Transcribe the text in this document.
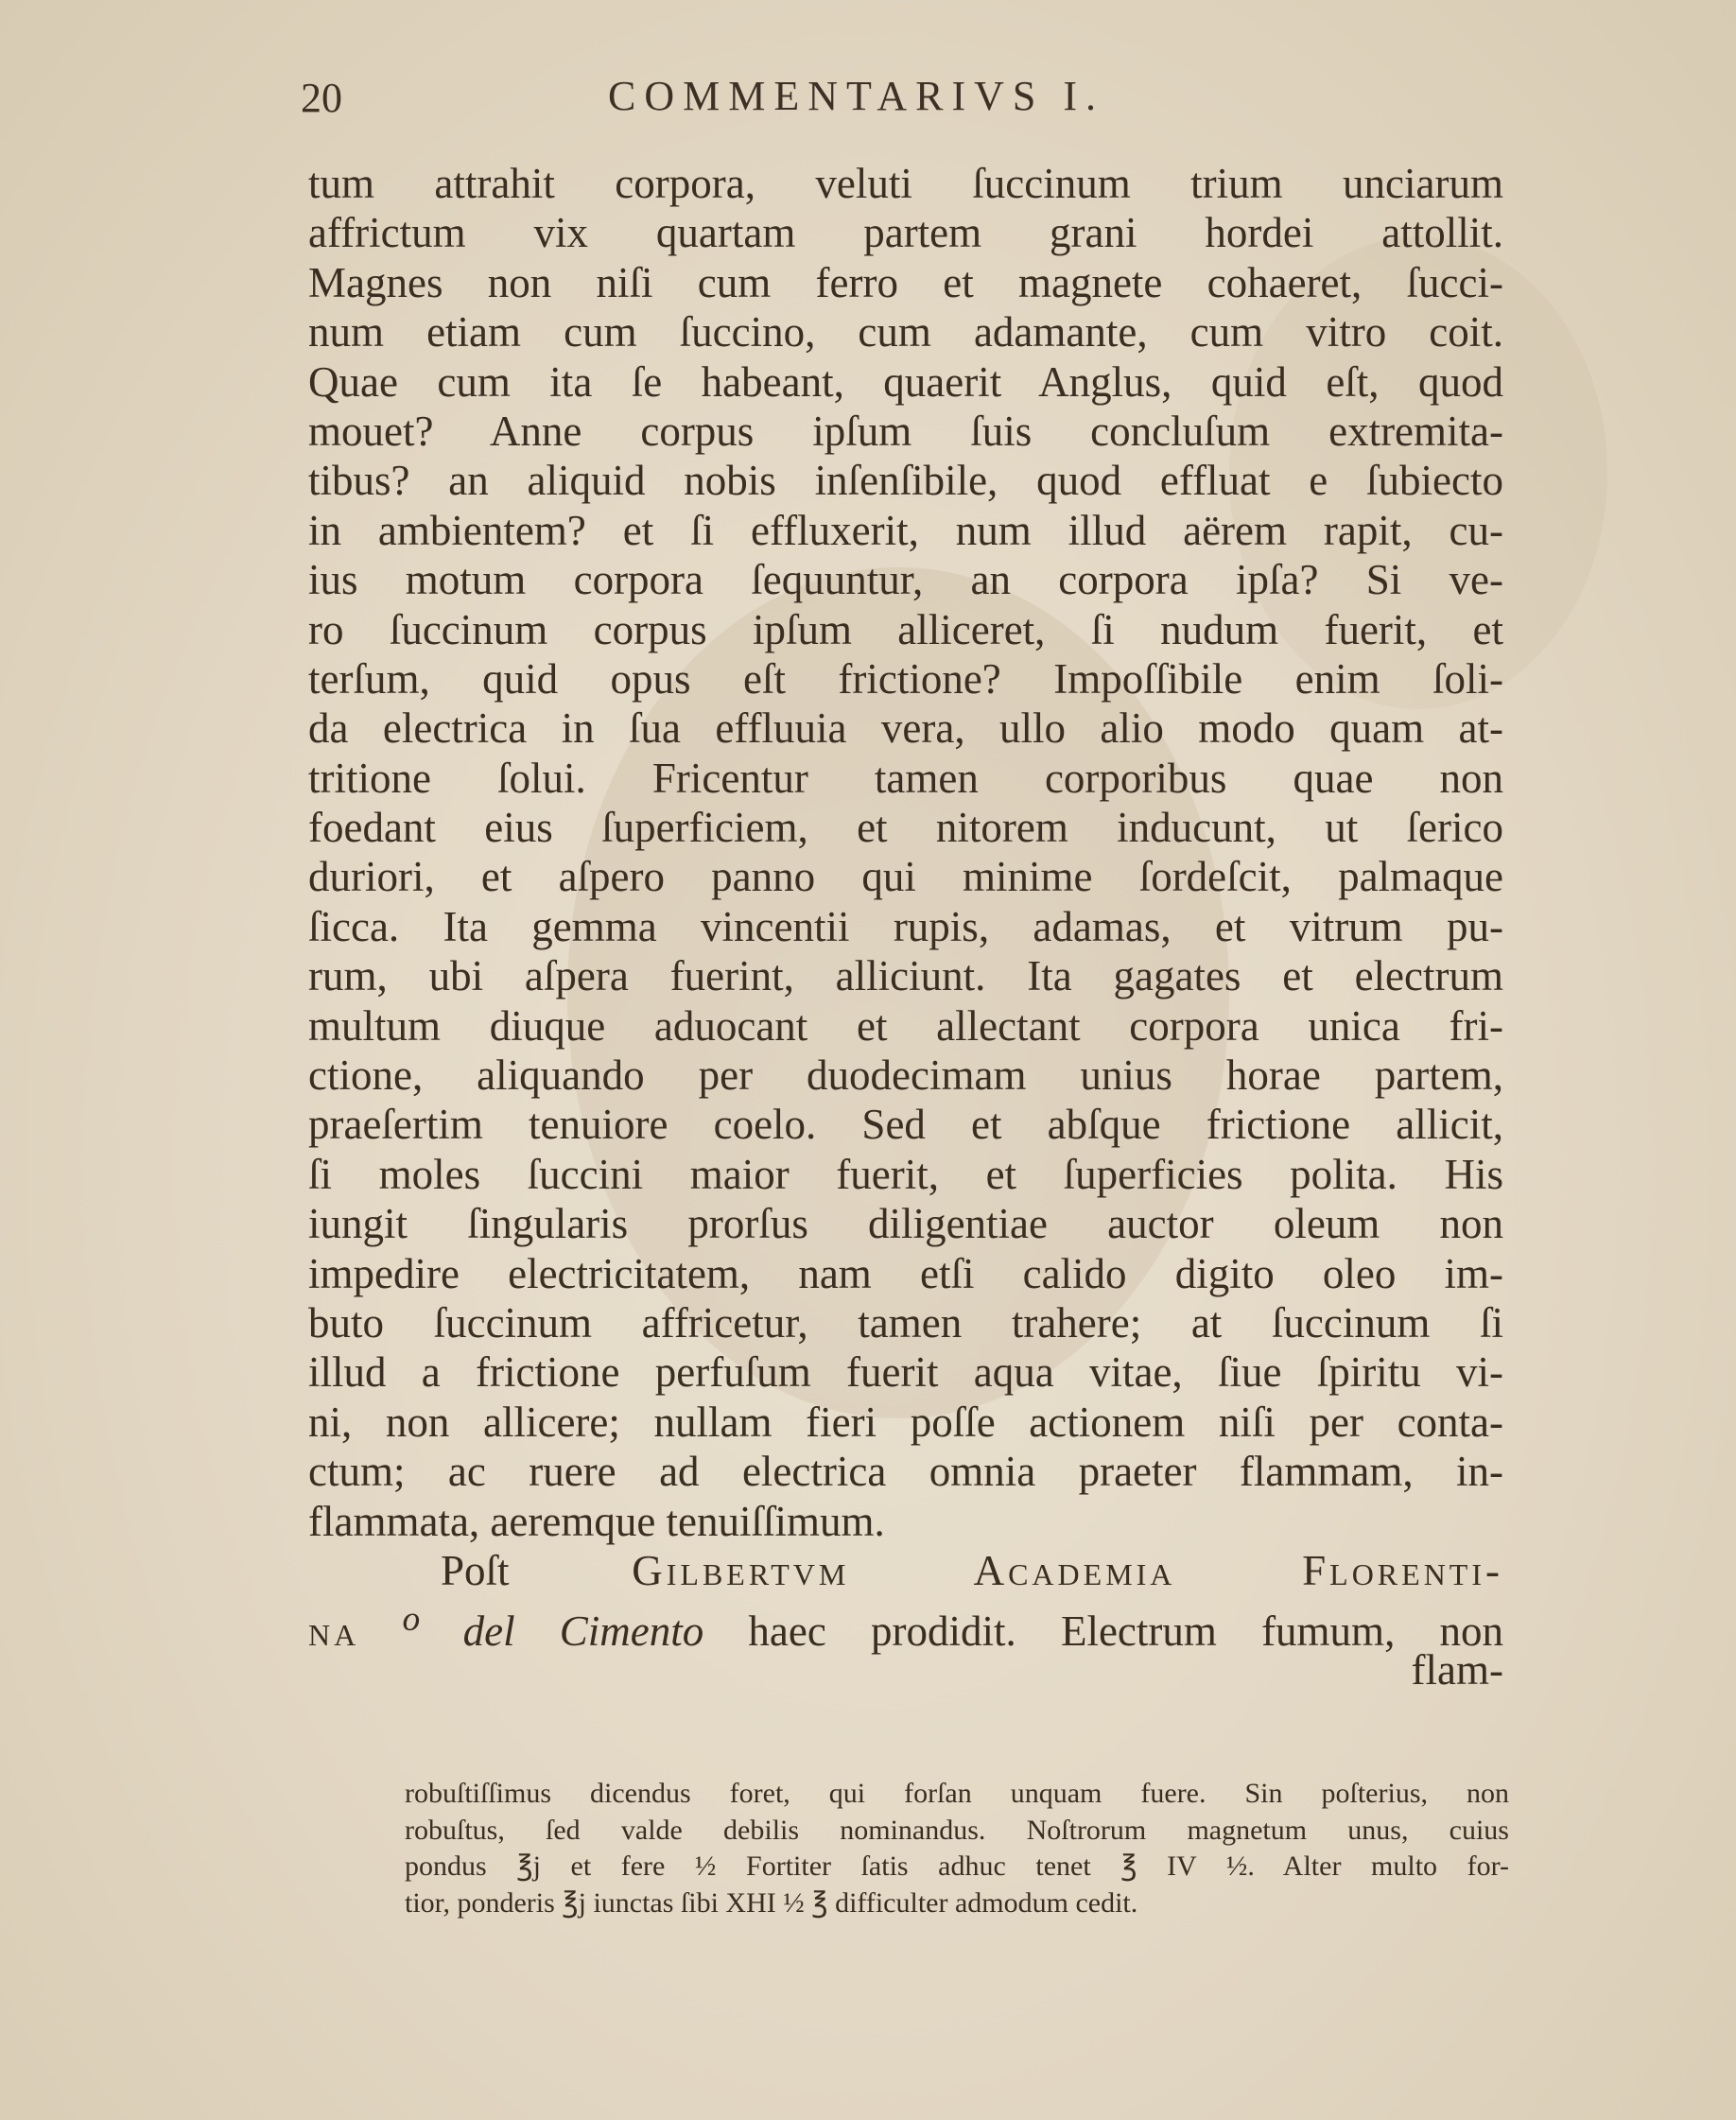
20	COMMENTARIVS I.
tum attrahit corpora, veluti ſuccinum trium unciarum
affrictum vix quartam partem grani hordei attollit.
Magnes non niſi cum ferro et magnete cohaeret, ſucci-
num etiam cum ſuccino, cum adamante, cum vitro coit.
Quae cum ita ſe habeant, quaerit Anglus, quid eſt, quod
mouet? Anne corpus ipſum ſuis concluſum extremita-
tibus? an aliquid nobis inſenſibile, quod effluat e ſubiecto
in ambientem? et ſi effluxerit, num illud aërem rapit, cu-
ius motum corpora ſequuntur, an corpora ipſa? Si ve-
ro ſuccinum corpus ipſum alliceret, ſi nudum fuerit, et
terſum, quid opus eſt frictione? Impoſſibile enim ſoli-
da electrica in ſua effluuia vera, ullo alio modo quam at-
tritione ſolui. Fricentur tamen corporibus quae non
foedant eius ſuperficiem, et nitorem inducunt, ut ſerico
duriori, et aſpero panno qui minime ſordeſcit, palmaque
ſicca. Ita gemma vincentii rupis, adamas, et vitrum pu-
rum, ubi aſpera fuerint, alliciunt. Ita gagates et electrum
multum diuque aduocant et allectant corpora unica fri-
ctione, aliquando per duodecimam unius horae partem,
praeſertim tenuiore coelo. Sed et abſque frictione allicit,
ſi moles ſuccini maior fuerit, et ſuperficies polita. His
iungit ſingularis prorſus diligentiae auctor oleum non
impedire electricitatem, nam etſi calido digito oleo im-
buto ſuccinum affricetur, tamen trahere; at ſuccinum ſi
illud a frictione perfuſum fuerit aqua vitae, ſiue ſpiritu vi-
ni, non allicere; nullam fieri poſſe actionem niſi per conta-
ctum; ac ruere ad electrica omnia praeter flammam, in-
flammata, aeremque tenuiſſimum.
Poſt Gilbertvm Academia Florenti-
na $^o$ del Cimento haec prodidit. Electrum fumum, non
flam-
robuſtiſſimus dicendus foret, qui forſan unquam fuere. Sin poſterius, non
robuſtus, ſed valde debilis nominandus. Noſtrorum magnetum unus, cuius
pondus ℥j et fere ½ Fortiter ſatis adhuc tenet ℥ IV ½. Alter multo for-
tior, ponderis ℥j iunctas ſibi XHI ½ ℥ difficulter admodum cedit.
